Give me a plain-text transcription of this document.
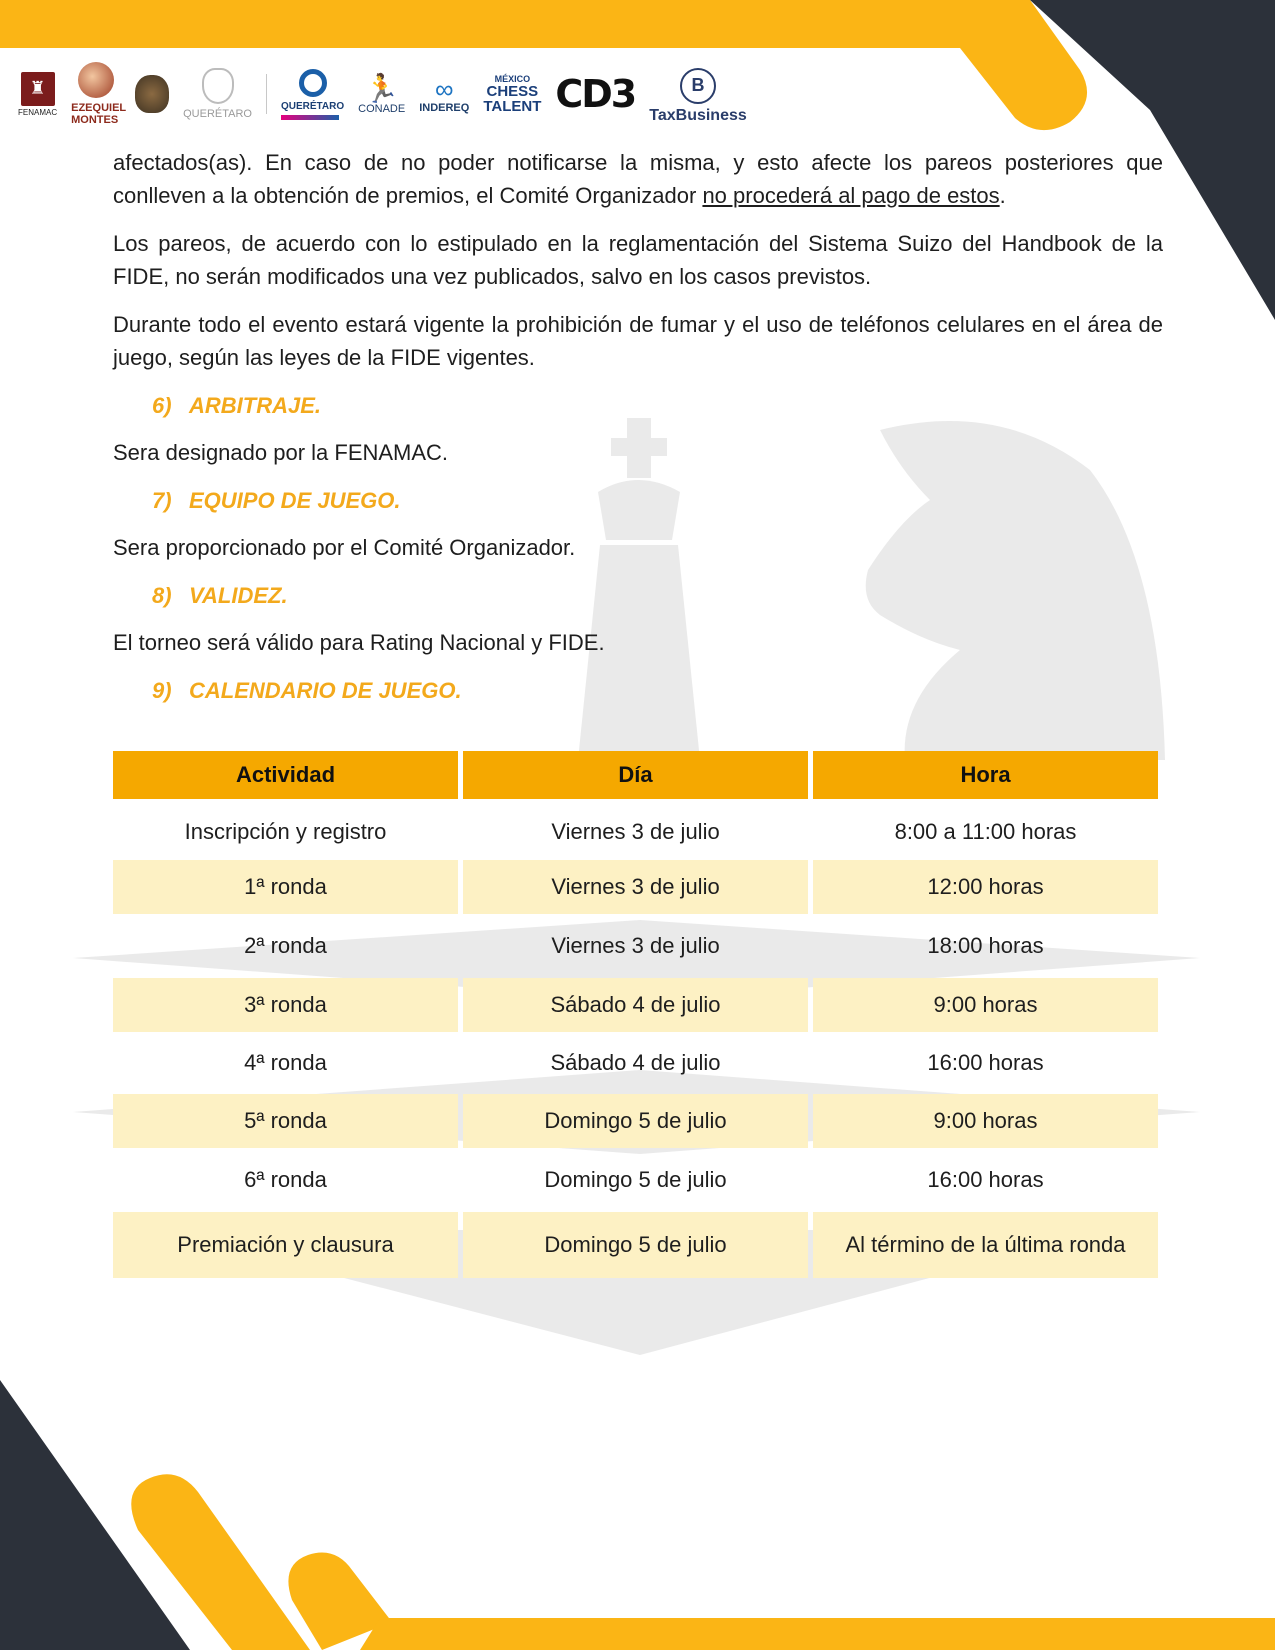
♜
FENAMAC EZEQUIEL MONTES	QUERÉTARO
QUERÉTARO
🏃
CONADE
∞
INDEREQ
MÉXICO
CHESS
TALENT CD3	B
TaxBusiness

afectados(as). En caso de no poder notificarse la misma, y esto afecte los pareos posteriores que conlleven a la obtención de premios, el Comité Organizador no procederá al pago de estos.

Los pareos, de acuerdo con lo estipulado en la reglamentación del Sistema Suizo del Handbook de la FIDE, no serán modificados una vez publicados, salvo en los casos previstos.

Durante todo el evento estará vigente la prohibición de fumar y el uso de teléfonos celulares en el área de juego, según las leyes de la FIDE vigentes.

6) ARBITRAJE.

Sera designado por la FENAMAC.

7) EQUIPO DE JUEGO.

Sera proporcionado por el Comité Organizador.

8) VALIDEZ.

El torneo será válido para Rating Nacional y FIDE.

9) CALENDARIO DE JUEGO.
Actividad	Día	Hora
Inscripción y registro	Viernes 3 de julio	8:00 a 11:00 horas
1ª ronda	Viernes 3 de julio	12:00 horas
2ª ronda	Viernes 3 de julio	18:00 horas
3ª ronda	Sábado 4 de julio	9:00 horas
4ª ronda	Sábado 4 de julio	16:00 horas
5ª ronda	Domingo 5 de julio	9:00 horas
6ª ronda	Domingo 5 de julio	16:00 horas
Premiación y clausura	Domingo 5 de julio	Al término de la última ronda
